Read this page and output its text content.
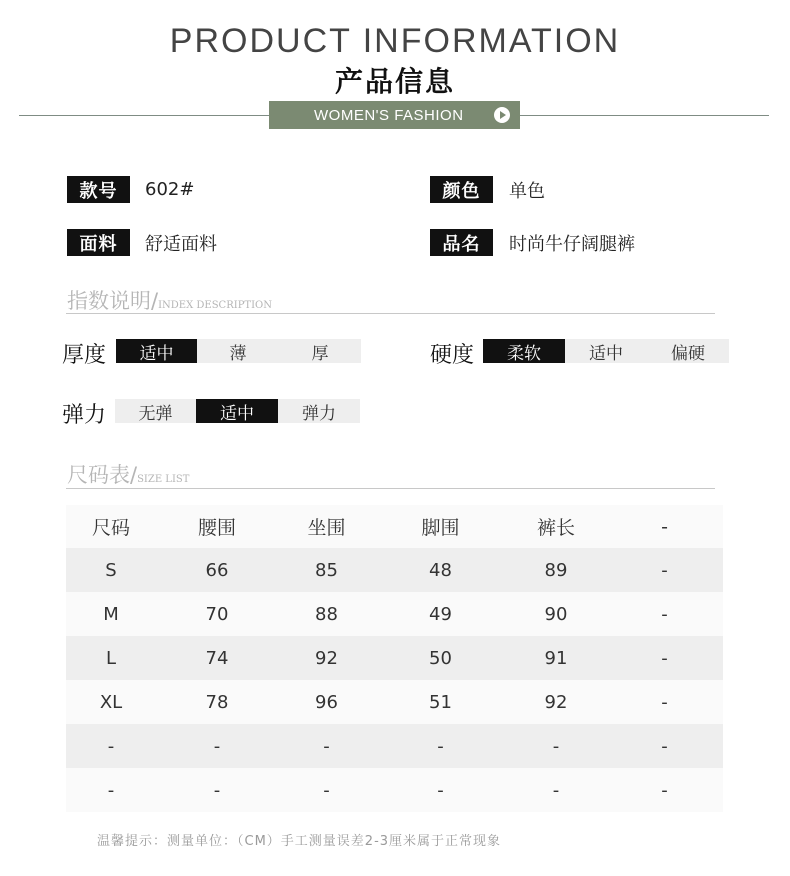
PRODUCT INFORMATION
产品信息
WOMEN'S FASHION
款号	602#	颜色	单色
面料	舒适面料	品名	时尚牛仔阔腿裤
指数说明/INDEX DESCRIPTION
厚度	适中	薄	厚	硬度	柔软	适中	偏硬
弹力	无弹	适中	弹力
尺码表/SIZE LIST
尺码	腰围	坐围	脚围	裤长	-
S	66	85	48	89	-
M	70	88	49	90	-
L	74	92	50	91	-
XL	78	96	51	92	-
-	-	-	-	-	-
-	-	-	-	-	-
温馨提示：测量单位：（CM）手工测量误差2-3厘米属于正常现象
